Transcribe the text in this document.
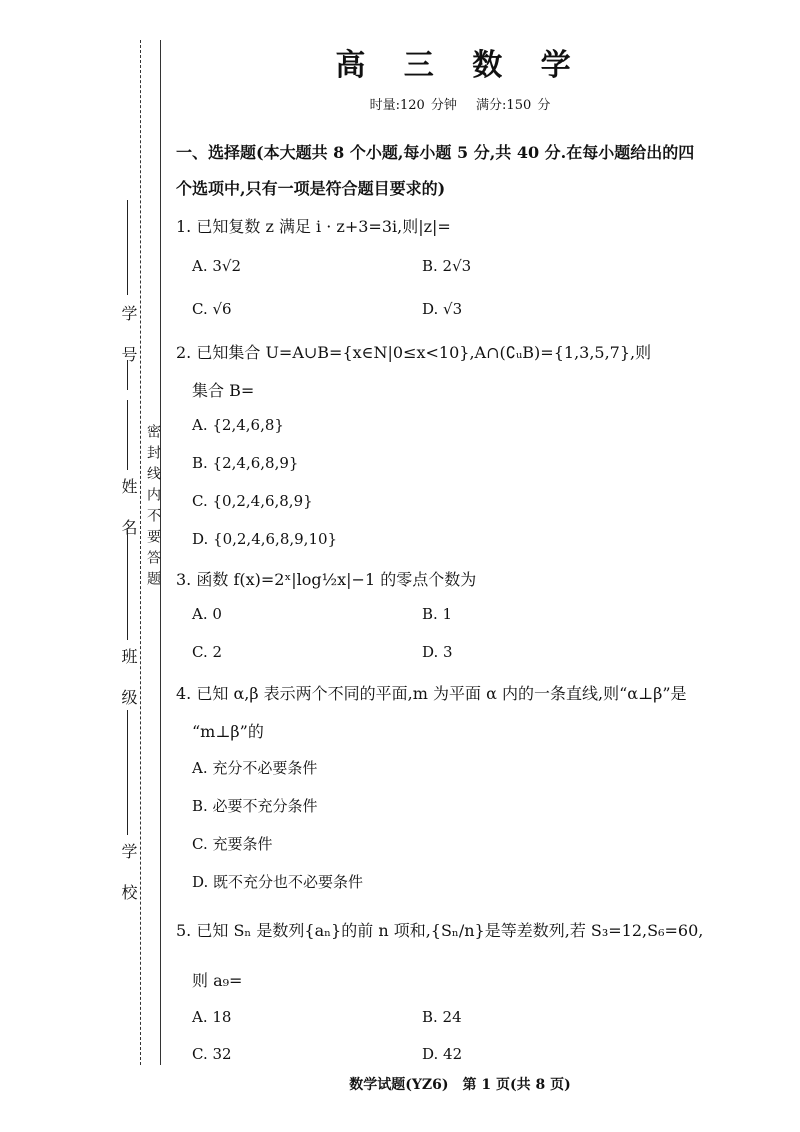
学 号
姓 名
班 级
学 校
密封线内不要答题
高 三 数 学
时量:120 分钟　 满分:150 分
一、选择题(本大题共 8 个小题,每小题 5 分,共 40 分.在每小题给出的四
个选项中,只有一项是符合题目要求的)
1. 已知复数 z 满足 i · z+3=3i,则|z|=
A. 3√2	B. 2√3
C. √6	D. √3
2. 已知集合 U=A∪B={x∈N|0≤x<10},A∩(∁ᵤB)={1,3,5,7},则
集合 B=
A. {2,4,6,8}
B. {2,4,6,8,9}
C. {0,2,4,6,8,9}
D. {0,2,4,6,8,9,10}
3. 函数 f(x)=2ˣ|log½x|−1 的零点个数为
A. 0	B. 1
C. 2	D. 3
4. 已知 α,β 表示两个不同的平面,m 为平面 α 内的一条直线,则“α⊥β”是
“m⊥β”的
A. 充分不必要条件
B. 必要不充分条件
C. 充要条件
D. 既不充分也不必要条件
5. 已知 Sₙ 是数列{aₙ}的前 n 项和,{Sₙ/n}是等差数列,若 S₃=12,S₆=60,
则 a₉=
A. 18	B. 24
C. 32	D. 42
数学试题(YZ6)　第 1 页(共 8 页)
